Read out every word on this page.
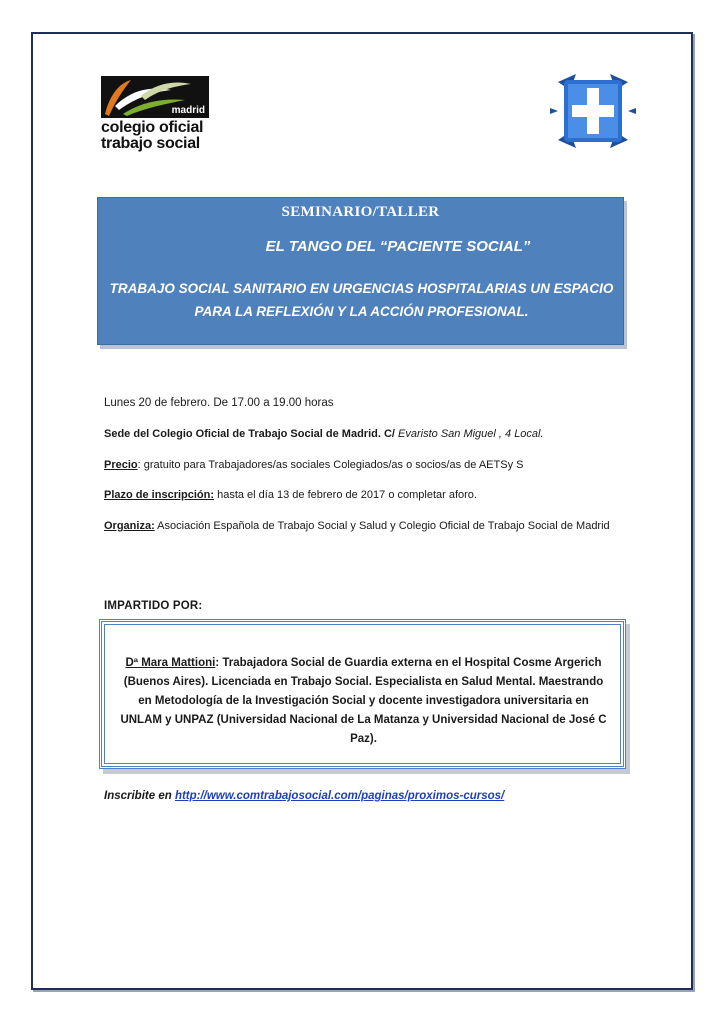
madrid
colegio oficial
trabajo social
SEMINARIO/TALLER
EL TANGO DEL “PACIENTE SOCIAL”
TRABAJO SOCIAL SANITARIO EN URGENCIAS HOSPITALARIAS UN ESPACIO PARA LA REFLEXIÓN Y LA ACCIÓN PROFESIONAL.
Lunes 20 de febrero. De 17.00 a 19.00 horas
Sede del Colegio Oficial de Trabajo Social de Madrid. C/ Evaristo San Miguel , 4 Local.
Precio: gratuito para Trabajadores/as sociales Colegiados/as o socios/as de AETSy S
Plazo de inscripción: hasta el día 13 de febrero de 2017 o completar aforo.
Organiza: Asociación Española de Trabajo Social y Salud y Colegio Oficial de Trabajo Social de Madrid
IMPARTIDO POR:
Dª Mara Mattioni: Trabajadora Social de Guardia externa en el Hospital Cosme Argerich (Buenos Aires). Licenciada en Trabajo Social. Especialista en Salud Mental. Maestrando en Metodología de la Investigación Social y docente investigadora universitaria en UNLAM y UNPAZ (Universidad Nacional de La Matanza y Universidad Nacional de José C Paz).
Inscribite en http://www.comtrabajosocial.com/paginas/proximos-cursos/
